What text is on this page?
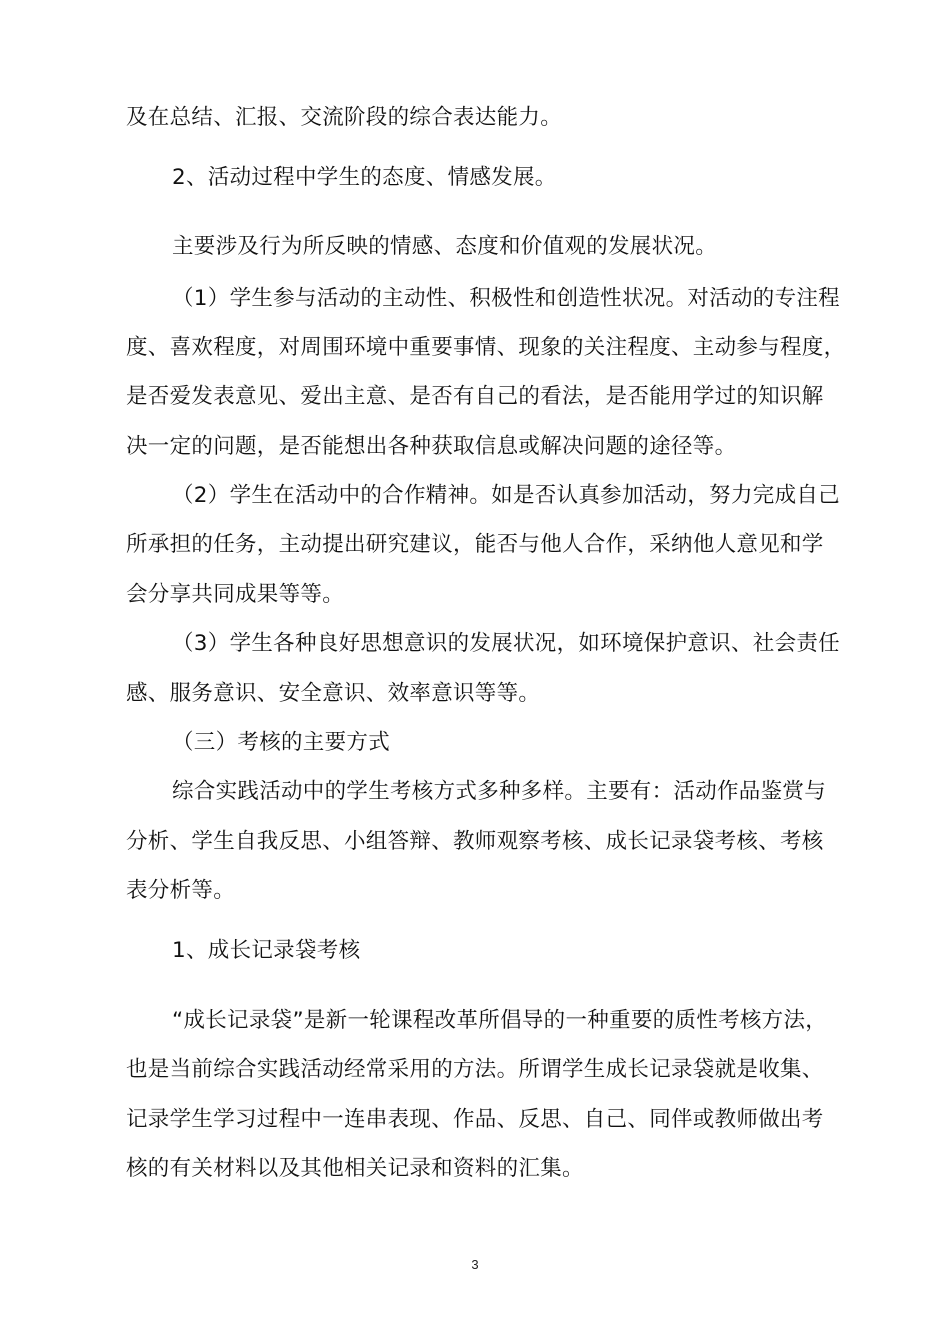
及在总结、汇报、交流阶段的综合表达能力。
2、活动过程中学生的态度、情感发展。
主要涉及行为所反映的情感、态度和价值观的发展状况。
（1）学生参与活动的主动性、积极性和创造性状况。对活动的专注程
度、喜欢程度，对周围环境中重要事情、现象的关注程度、主动参与程度，
是否爱发表意见、爱出主意、是否有自己的看法，是否能用学过的知识解
决一定的问题，是否能想出各种获取信息或解决问题的途径等。
（2）学生在活动中的合作精神。如是否认真参加活动，努力完成自己
所承担的任务，主动提出研究建议，能否与他人合作，采纳他人意见和学
会分享共同成果等等。
（3）学生各种良好思想意识的发展状况，如环境保护意识、社会责任
感、服务意识、安全意识、效率意识等等。
（三）考核的主要方式
综合实践活动中的学生考核方式多种多样。主要有：活动作品鉴赏与
分析、学生自我反思、小组答辩、教师观察考核、成长记录袋考核、考核
表分析等。
1、成长记录袋考核
“成长记录袋”是新一轮课程改革所倡导的一种重要的质性考核方法，
也是当前综合实践活动经常采用的方法。所谓学生成长记录袋就是收集、
记录学生学习过程中一连串表现、作品、反思、自己、同伴或教师做出考
核的有关材料以及其他相关记录和资料的汇集。
3
